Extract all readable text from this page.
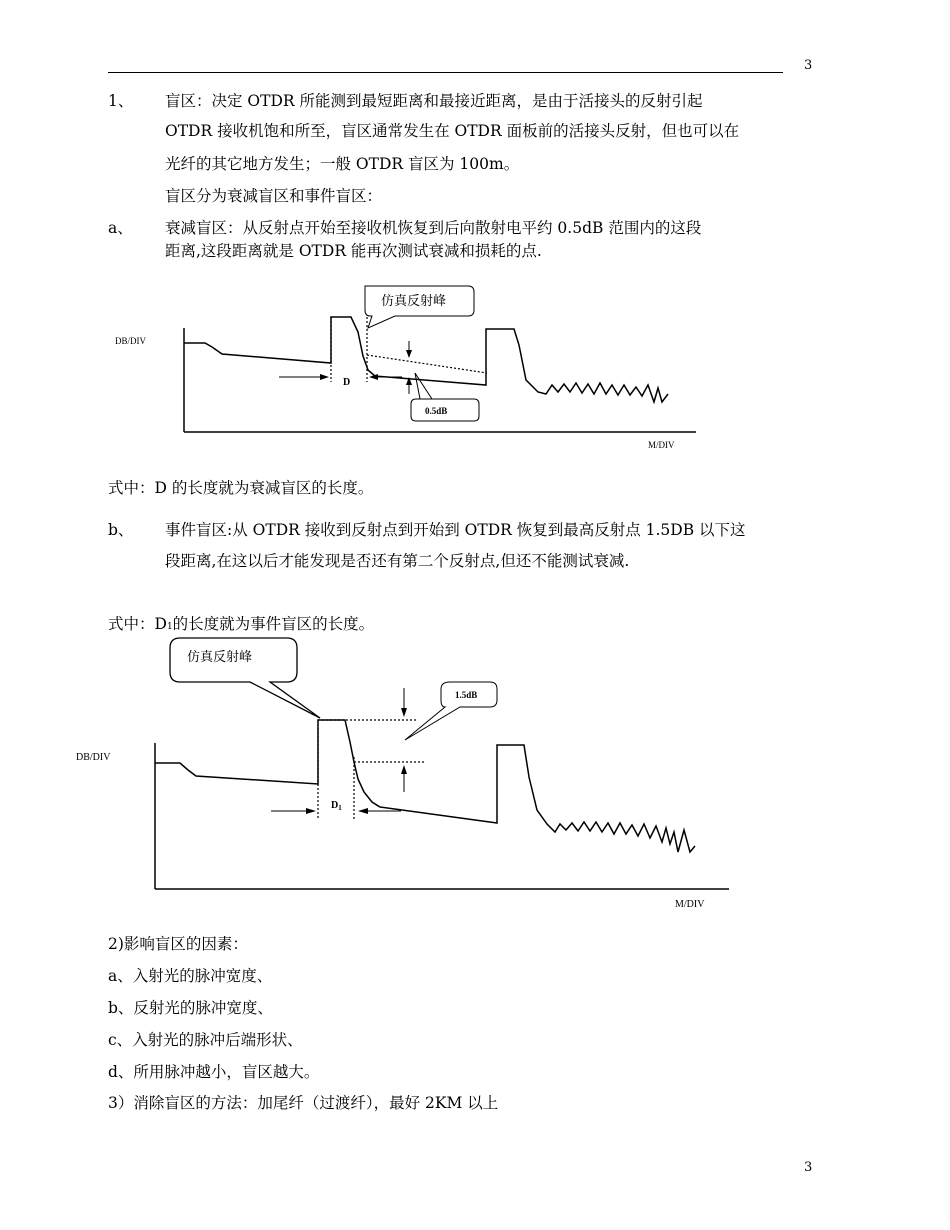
3
1、 盲区：决定 OTDR 所能测到最短距离和最接近距离，是由于活接头的反射引起
OTDR 接收机饱和所至，盲区通常发生在 OTDR 面板前的活接头反射，但也可以在
光纤的其它地方发生；一般 OTDR 盲区为 100m。
盲区分为衰减盲区和事件盲区：
a、 衰减盲区：从反射点开始至接收机恢复到后向散射电平约 0.5dB 范围内的这段
距离,这段距离就是 OTDR 能再次测试衰减和损耗的点.
仿真反射峰
DB/DIV
M/DIV
D
0.5dB
式中：D 的长度就为衰减盲区的长度。
b、 事件盲区:从 OTDR 接收到反射点到开始到 OTDR 恢复到最高反射点 1.5DB 以下这
段距离,在这以后才能发现是否还有第二个反射点,但还不能测试衰减.
式中：D1的长度就为事件盲区的长度。
仿真反射峰
1.5dB
DB/DIV
M/DIV
$D_1$
2)影响盲区的因素：
a、入射光的脉冲宽度、
b、反射光的脉冲宽度、
c、入射光的脉冲后端形状、
d、所用脉冲越小，盲区越大。
3）消除盲区的方法：加尾纤（过渡纤），最好 2KM 以上
3
